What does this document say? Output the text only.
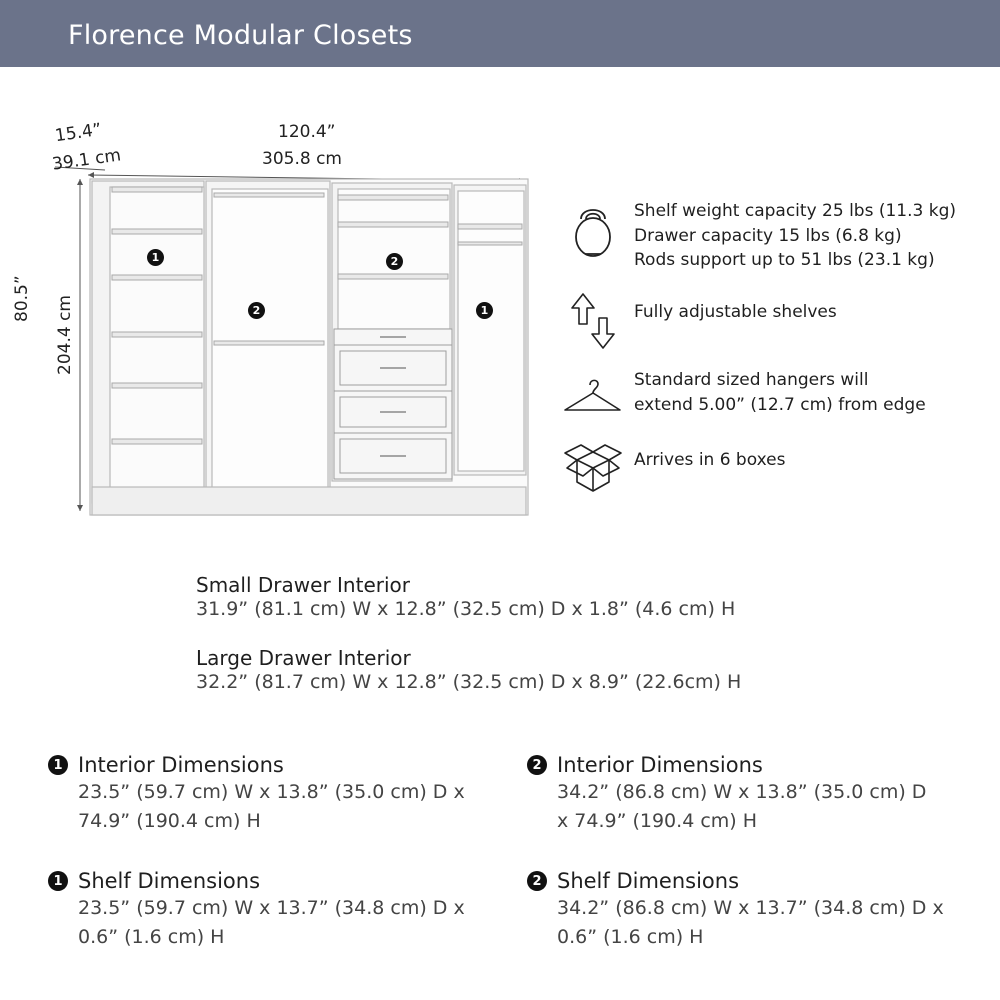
Florence Modular Closets
15.4”
39.1 cm
120.4”
305.8 cm
80.5” 204.4 cm
1
2
2
1
Shelf weight capacity 25 lbs (11.3 kg)
Drawer capacity 15 lbs (6.8 kg)
Rods support up to 51 lbs (23.1 kg)
Fully adjustable shelves
Standard sized hangers will
extend 5.00” (12.7 cm) from edge
Arrives in 6 boxes
Small Drawer Interior
31.9” (81.1 cm) W x 12.8” (32.5 cm) D x 1.8” (4.6 cm) H
Large Drawer Interior
32.2” (81.7 cm) W x 12.8” (32.5 cm) D x 8.9” (22.6cm) H
1 Interior Dimensions
23.5” (59.7 cm) W x 13.8” (35.0 cm) D x
74.9” (190.4 cm) H
2 Interior Dimensions
34.2” (86.8 cm) W x 13.8” (35.0 cm) D
x 74.9” (190.4 cm) H
1 Shelf Dimensions
23.5” (59.7 cm) W x 13.7” (34.8 cm) D x
0.6” (1.6 cm) H
2 Shelf Dimensions
34.2” (86.8 cm) W x 13.7” (34.8 cm) D x
0.6” (1.6 cm) H
